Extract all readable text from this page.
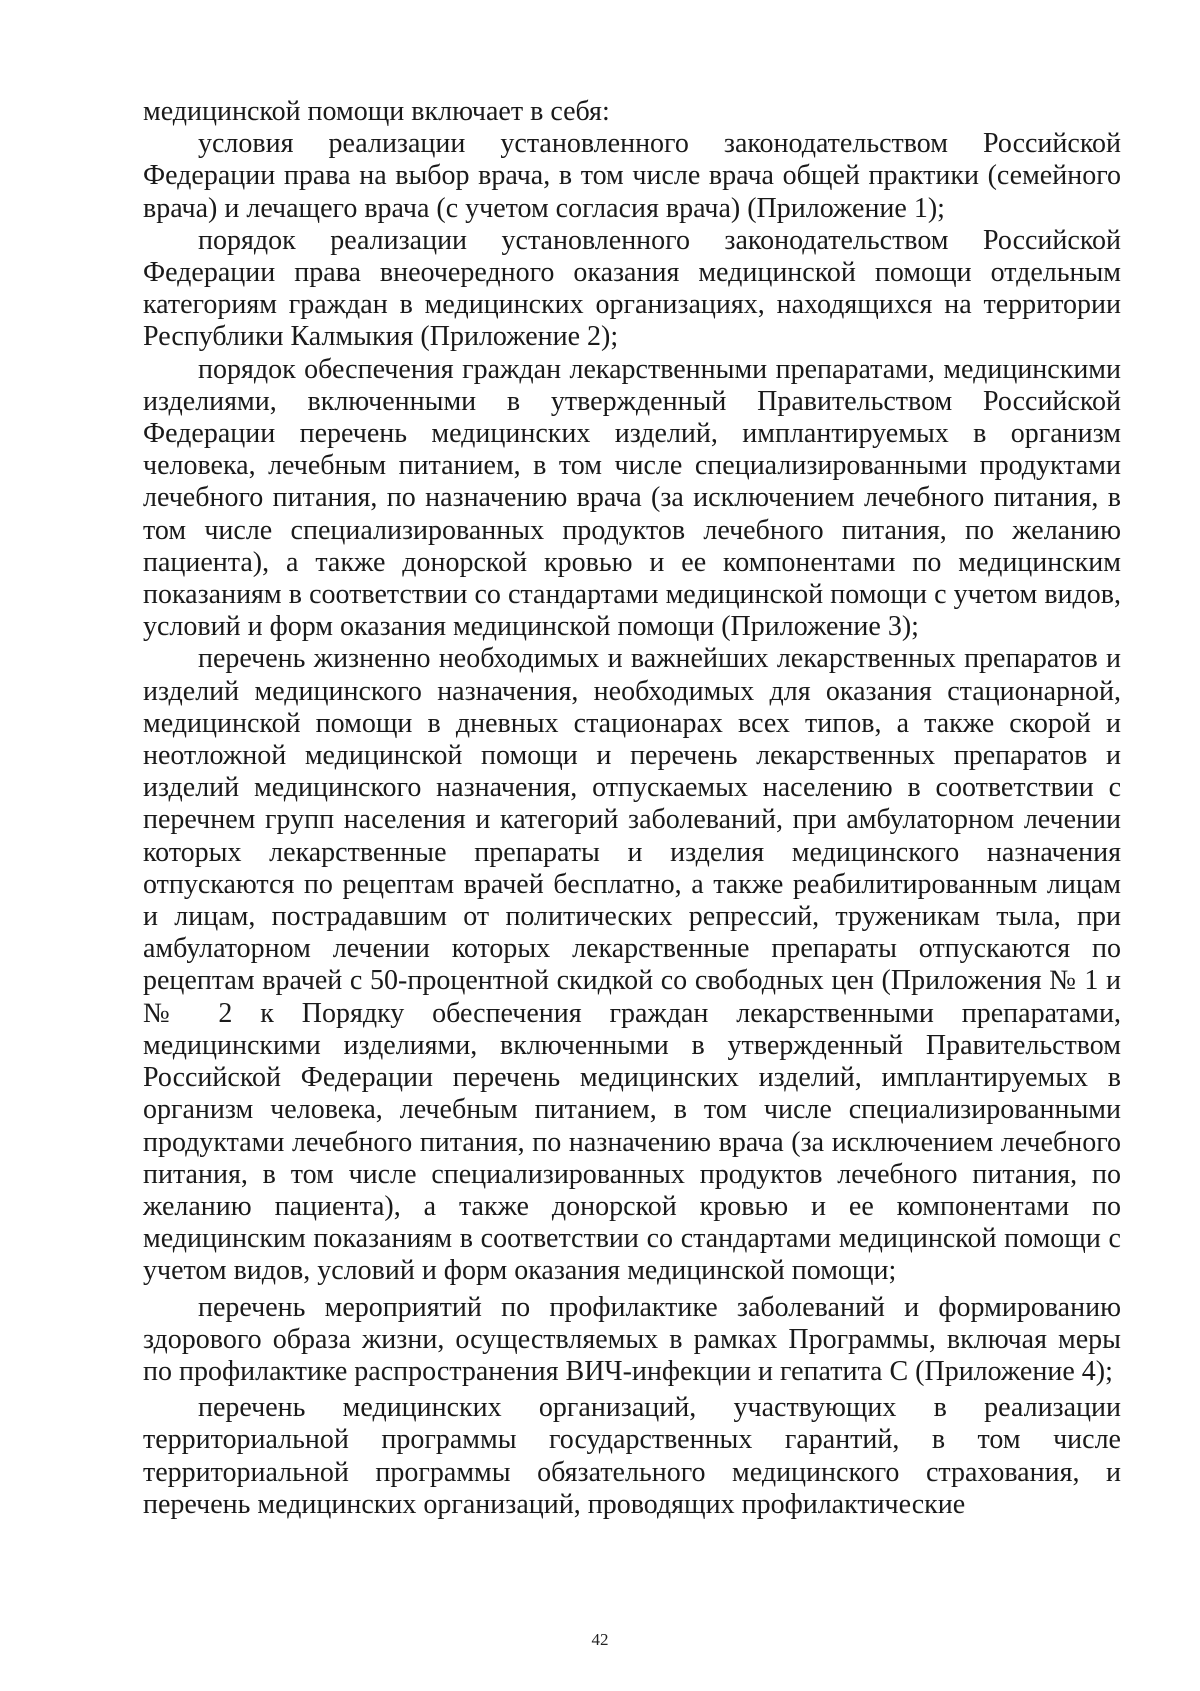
медицинской помощи включает в себя:

условия реализации установленного законодательством Российской Федерации права на выбор врача, в том числе врача общей практики (семейного врача) и лечащего врача (с учетом согласия врача) (Приложение 1);

порядок реализации установленного законодательством Российской Федерации права внеочередного оказания медицинской помощи отдельным категориям граждан в медицинских организациях, находящихся на территории Республики Калмыкия (Приложение 2);

порядок обеспечения граждан лекарственными препаратами, медицинскими изделиями, включенными в утвержденный Правительством Российской Федерации перечень медицинских изделий, имплантируемых в организм человека, лечебным питанием, в том числе специализированными продуктами лечебного питания, по назначению врача (за исключением лечебного питания, в том числе специализированных продуктов лечебного питания, по желанию пациента), а также донорской кровью и ее компонентами по медицинским показаниям в соответствии со стандартами медицинской помощи с учетом видов, условий и форм оказания медицинской помощи (Приложение 3);

перечень жизненно необходимых и важнейших лекарственных препаратов и изделий медицинского назначения, необходимых для оказания стационарной, медицинской помощи в дневных стационарах всех типов, а также скорой и неотложной медицинской помощи и перечень лекарственных препаратов и изделий медицинского назначения, отпускаемых населению в соответствии с перечнем групп населения и категорий заболеваний, при амбулаторном лечении которых лекарственные препараты и изделия медицинского назначения отпускаются по рецептам врачей бесплатно, а также реабилитированным лицам и лицам, пострадавшим от политических репрессий, труженикам тыла, при амбулаторном лечении которых лекарственные препараты отпускаются по рецептам врачей с 50-процентной скидкой со свободных цен (Приложения № 1 и № 2 к Порядку обеспечения граждан лекарственными препаратами, медицинскими изделиями, включенными в утвержденный Правительством Российской Федерации перечень медицинских изделий, имплантируемых в организм человека, лечебным питанием, в том числе специализированными продуктами лечебного питания, по назначению врача (за исключением лечебного питания, в том числе специализированных продуктов лечебного питания, по желанию пациента), а также донорской кровью и ее компонентами по медицинским показаниям в соответствии со стандартами медицинской помощи с учетом видов, условий и форм оказания медицинской помощи;

перечень мероприятий по профилактике заболеваний и формированию здорового образа жизни, осуществляемых в рамках Программы, включая меры по профилактике распространения ВИЧ-инфекции и гепатита С (Приложение 4);

перечень медицинских организаций, участвующих в реализации территориальной программы государственных гарантий, в том числе территориальной программы обязательного медицинского страхования, и перечень медицинских организаций, проводящих профилактические

42
